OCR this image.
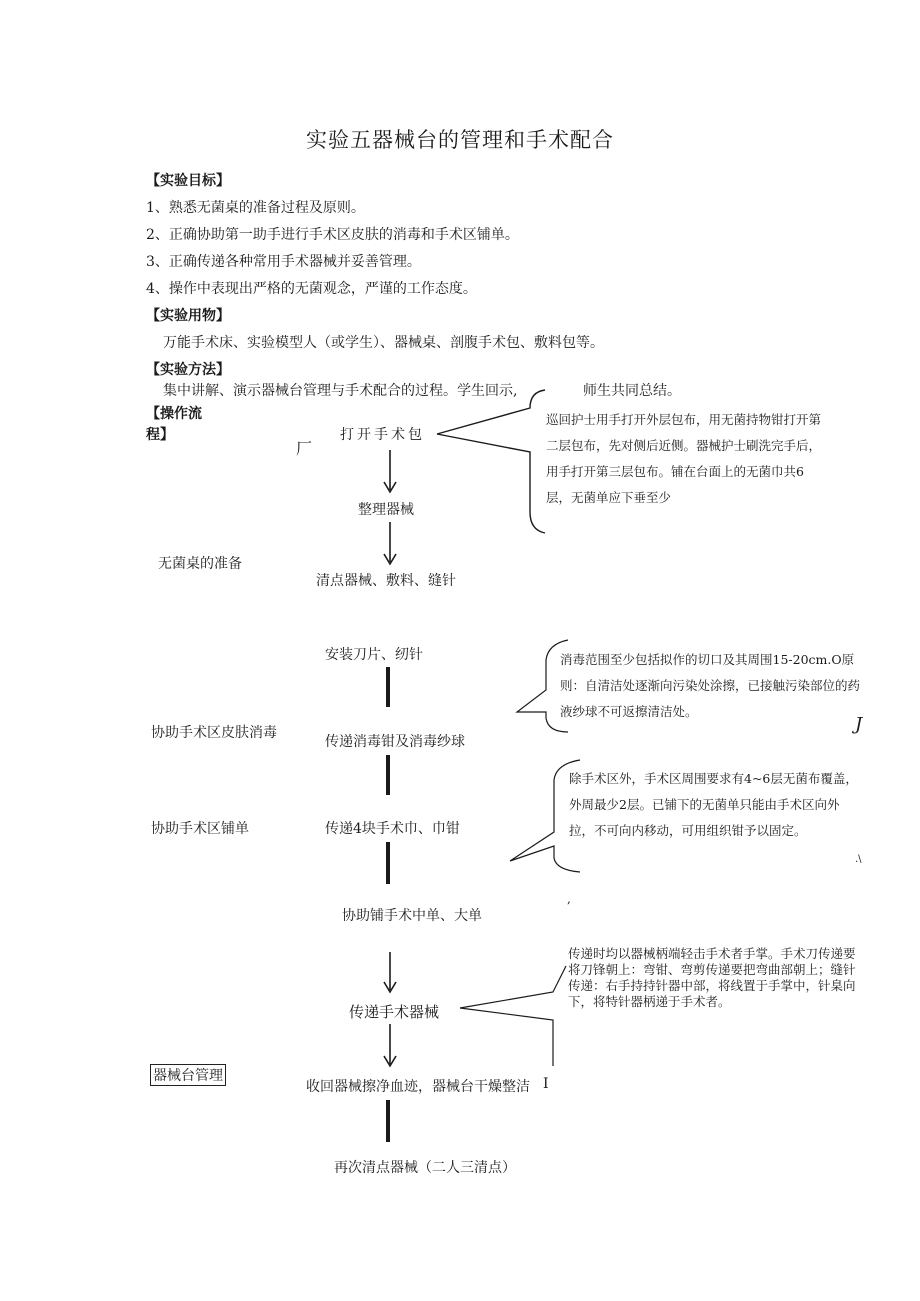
实验五器械台的管理和手术配合
【实验目标】
1、熟悉无菌桌的准备过程及原则。
2、正确协助第一助手进行手术区皮肤的消毒和手术区铺单。
3、正确传递各种常用手术器械并妥善管理。
4、操作中表现出严格的无菌观念，严谨的工作态度。
【实验用物】
万能手术床、实验模型人（或学生）、器械桌、剖腹手术包、敷料包等。
【实验方法】
集中讲解、演示器械台管理与手术配合的过程。学生回示,	师生共同总结。
【操作流
程】
厂
打开手术包
整理器械
清点器械、敷料、缝针
无菌桌的准备
巡回护士用手打开外层包布，用无菌持物钳打开第二层包布，先对侧后近侧。器械护士刷洗完手后，用手打开第三层包布。铺在台面上的无菌巾共6层，无菌单应下垂至少
安装刀片、纫针
传递消毒钳及消毒纱球
协助手术区皮肤消毒
消毒范围至少包括拟作的切口及其周围15-20cm.O原则：自清洁处逐渐向污染处涂擦，已接触污染部位的药液纱球不可返擦清洁处。
J
传递4块手术巾、巾钳
协助铺手术中单、大单
协助手术区铺单
除手术区外，手术区周围要求有4~6层无菌布覆盖，外周最少2层。已铺下的无菌单只能由手术区向外拉，不可向内移动，可用组织钳予以固定。
.\
,
传递手术器械
收回器械擦净血迹，器械台干燥整洁 I
再次清点器械（二人三清点）
器械台管理
传递时均以器械柄端轻击手术者手掌。手术刀传递要将刀锋朝上：弯钳、弯剪传递要把弯曲部朝上；缝针传递：右手持持针器中部，将线置于手掌中，针臬向下，将特针器柄递于手术者。
